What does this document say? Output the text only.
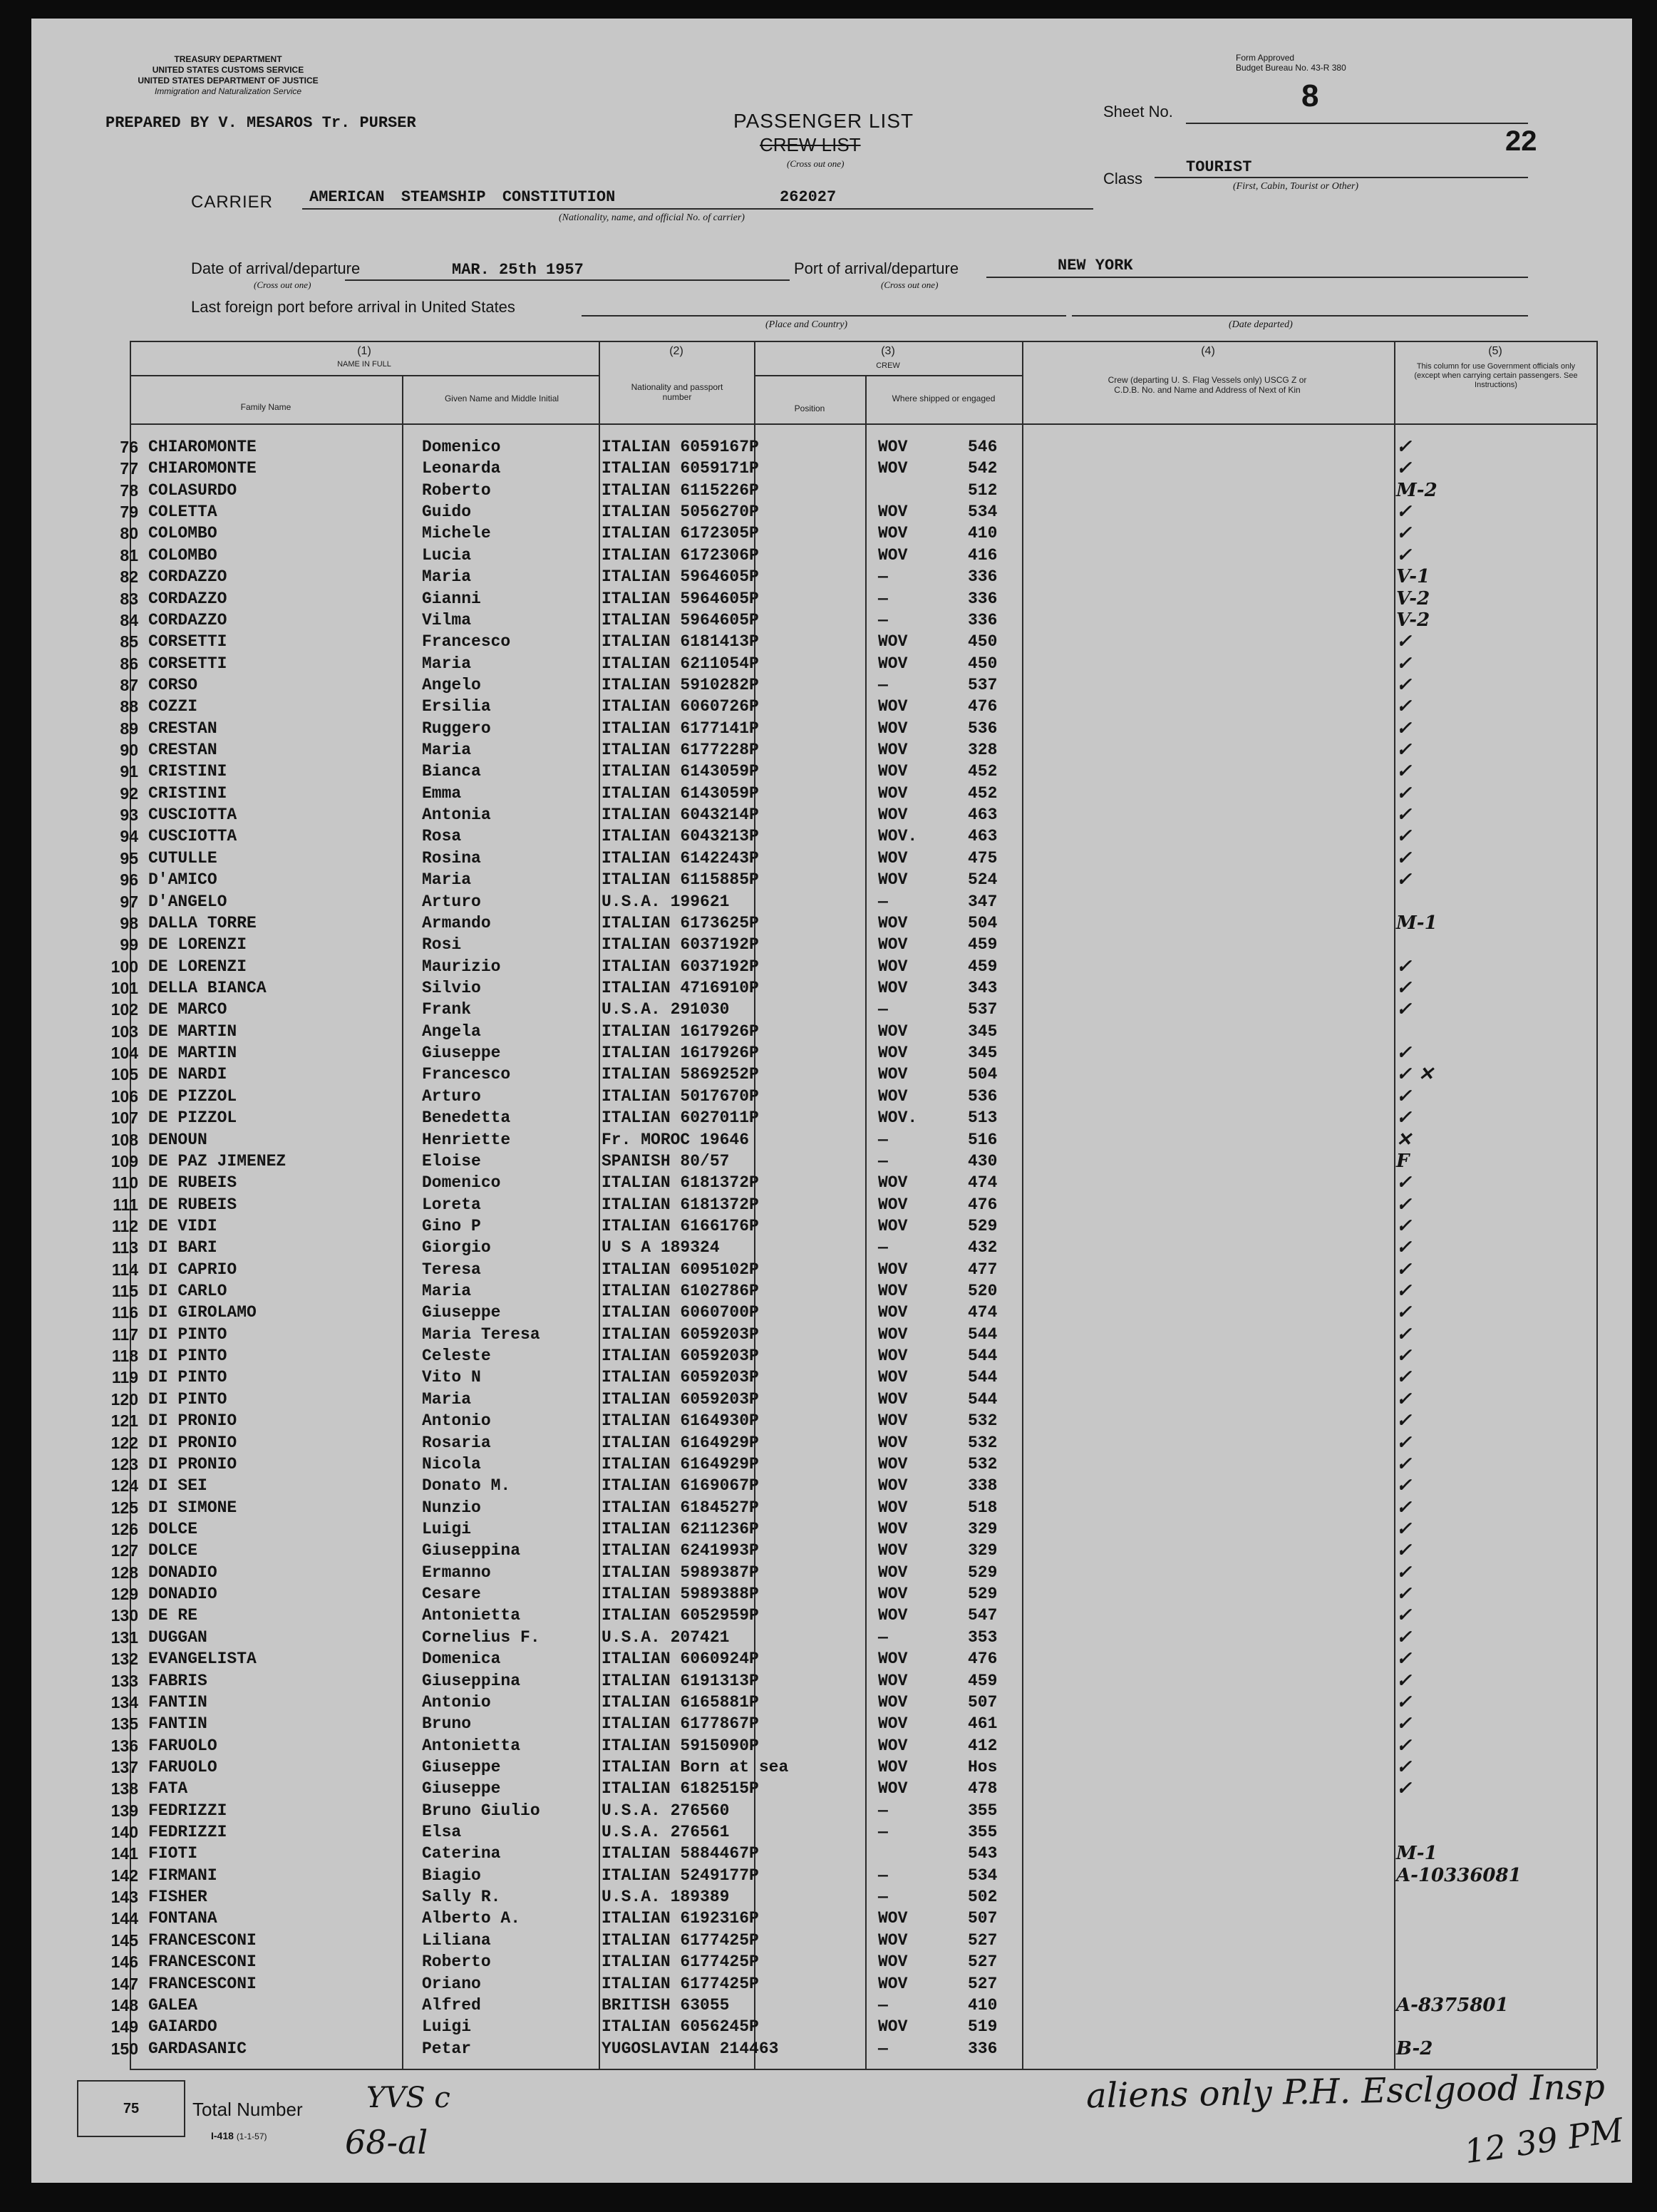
TREASURY DEPARTMENT
UNITED STATES CUSTOMS SERVICE
UNITED STATES DEPARTMENT OF JUSTICE
Immigration and Naturalization Service
Form Approved
Budget Bureau No. 43-R 380
PREPARED BY V. MESAROS Tr. PURSER	PASSENGER LIST
CREW LIST
(Cross out one)
Sheet No.	8
22
Class
TOURIST
(First, Cabin, Tourist or Other)
CARRIER AMERICAN STEAMSHIP CONSTITUTION	262027
(Nationality, name, and official No. of carrier)
Date of arrival/departure
(Cross out one)
MAR. 25th 1957	Port of arrival/departure
(Cross out one)
NEW YORK
Last foreign port before arrival in United States
(Place and Country)	(Date departed)
(1)
NAME IN FULL
Family Name
Given Name and Middle Initial
(2)
Nationality and passport number
(3)
CREW
Position
Where shipped or engaged
(4)
Crew (departing U. S. Flag Vessels only) USCG Z or C.D.B. No. and Name and Address of Next of Kin
(5)
This column for use Government officials only (except when carrying certain passengers. See Instructions)
76 CHIAROMONTE	Domenico	ITALIAN 6059167P	WOV	546	✓
77 CHIAROMONTE	Leonarda	ITALIAN 6059171P	WOV	542	✓
78 COLASURDO	Roberto	ITALIAN 6115226P	512	M-2
79 COLETTA	Guido	ITALIAN 5056270P	WOV	534	✓
80 COLOMBO	Michele	ITALIAN 6172305P	WOV	410	✓
81 COLOMBO	Lucia	ITALIAN 6172306P	WOV	416	✓
82 CORDAZZO	Maria	ITALIAN 5964605P	—	336	V-1
83 CORDAZZO	Gianni	ITALIAN 5964605P	—	336	V-2
84 CORDAZZO	Vilma	ITALIAN 5964605P	—	336	V-2
85 CORSETTI	Francesco	ITALIAN 6181413P	WOV	450	✓
86 CORSETTI	Maria	ITALIAN 6211054P	WOV	450	✓
87 CORSO	Angelo	ITALIAN 5910282P	—	537	✓
88 COZZI	Ersilia	ITALIAN 6060726P	WOV	476	✓
89 CRESTAN	Ruggero	ITALIAN 6177141P	WOV	536	✓
90 CRESTAN	Maria	ITALIAN 6177228P	WOV	328	✓
91 CRISTINI	Bianca	ITALIAN 6143059P	WOV	452	✓
92 CRISTINI	Emma	ITALIAN 6143059P	WOV	452	✓
93 CUSCIOTTA	Antonia	ITALIAN 6043214P	WOV	463	✓
94 CUSCIOTTA	Rosa	ITALIAN 6043213P	WOV.	463	✓
95 CUTULLE	Rosina	ITALIAN 6142243P	WOV	475	✓
96 D'AMICO	Maria	ITALIAN 6115885P	WOV	524	✓
97 D'ANGELO	Arturo	U.S.A. 199621	—	347
98 DALLA TORRE	Armando	ITALIAN 6173625P	WOV	504	M-1
99 DE LORENZI	Rosi	ITALIAN 6037192P	WOV	459
100 DE LORENZI	Maurizio	ITALIAN 6037192P	WOV	459	✓
101 DELLA BIANCA	Silvio	ITALIAN 4716910P	WOV	343	✓
102 DE MARCO	Frank	U.S.A. 291030	—	537	✓
103 DE MARTIN	Angela	ITALIAN 1617926P	WOV	345
104 DE MARTIN	Giuseppe	ITALIAN 1617926P	WOV	345	✓
105 DE NARDI	Francesco	ITALIAN 5869252P	WOV	504	✓ ✕
106 DE PIZZOL	Arturo	ITALIAN 5017670P	WOV	536	✓
107 DE PIZZOL	Benedetta	ITALIAN 6027011P	WOV.	513	✓
108 DENOUN	Henriette	Fr. MOROC 19646	—	516	✕
109 DE PAZ JIMENEZ	Eloise	SPANISH 80/57	—	430	F
110 DE RUBEIS	Domenico	ITALIAN 6181372P	WOV	474	✓
111 DE RUBEIS	Loreta	ITALIAN 6181372P	WOV	476	✓
112 DE VIDI	Gino P	ITALIAN 6166176P	WOV	529	✓
113 DI BARI	Giorgio	U S A 189324	—	432	✓
114 DI CAPRIO	Teresa	ITALIAN 6095102P	WOV	477	✓
115 DI CARLO	Maria	ITALIAN 6102786P	WOV	520	✓
116 DI GIROLAMO	Giuseppe	ITALIAN 6060700P	WOV	474	✓
117 DI PINTO	Maria Teresa	ITALIAN 6059203P	WOV	544	✓
118 DI PINTO	Celeste	ITALIAN 6059203P	WOV	544	✓
119 DI PINTO	Vito N	ITALIAN 6059203P	WOV	544	✓
120 DI PINTO	Maria	ITALIAN 6059203P	WOV	544	✓
121 DI PRONIO	Antonio	ITALIAN 6164930P	WOV	532	✓
122 DI PRONIO	Rosaria	ITALIAN 6164929P	WOV	532	✓
123 DI PRONIO	Nicola	ITALIAN 6164929P	WOV	532	✓
124 DI SEI	Donato M.	ITALIAN 6169067P	WOV	338	✓
125 DI SIMONE	Nunzio	ITALIAN 6184527P	WOV	518	✓
126 DOLCE	Luigi	ITALIAN 6211236P	WOV	329	✓
127 DOLCE	Giuseppina	ITALIAN 6241993P	WOV	329	✓
128 DONADIO	Ermanno	ITALIAN 5989387P	WOV	529	✓
129 DONADIO	Cesare	ITALIAN 5989388P	WOV	529	✓
130 DE RE	Antonietta	ITALIAN 6052959P	WOV	547	✓
131 DUGGAN	Cornelius F.	U.S.A. 207421	—	353	✓
132 EVANGELISTA	Domenica	ITALIAN 6060924P	WOV	476	✓
133 FABRIS	Giuseppina	ITALIAN 6191313P	WOV	459	✓
134 FANTIN	Antonio	ITALIAN 6165881P	WOV	507	✓
135 FANTIN	Bruno	ITALIAN 6177867P	WOV	461	✓
136 FARUOLO	Antonietta	ITALIAN 5915090P	WOV	412	✓
137 FARUOLO	Giuseppe	ITALIAN Born at sea	WOV	Hos	✓
138 FATA	Giuseppe	ITALIAN 6182515P	WOV	478	✓
139 FEDRIZZI	Bruno Giulio	U.S.A. 276560	—	355
140 FEDRIZZI	Elsa	U.S.A. 276561	—	355
141 FIOTI	Caterina	ITALIAN 5884467P	543	M-1
142 FIRMANI	Biagio	ITALIAN 5249177P	—	534	A-10336081
143 FISHER	Sally R.	U.S.A. 189389	—	502
144 FONTANA	Alberto A.	ITALIAN 6192316P	WOV	507
145 FRANCESCONI	Liliana	ITALIAN 6177425P	WOV	527
146 FRANCESCONI	Roberto	ITALIAN 6177425P	WOV	527
147 FRANCESCONI	Oriano	ITALIAN 6177425P	WOV	527
148 GALEA	Alfred	BRITISH 63055	—	410	A-8375801
149 GAIARDO	Luigi	ITALIAN 6056245P	WOV	519
150 GARDASANIC	Petar	YUGOSLAVIAN 214463	—	336	B-2
75	Total Number
I-418 (1-1-57)
YVS c
68-al
aliens only P.H. Esclgood Insp
12 39 PM
